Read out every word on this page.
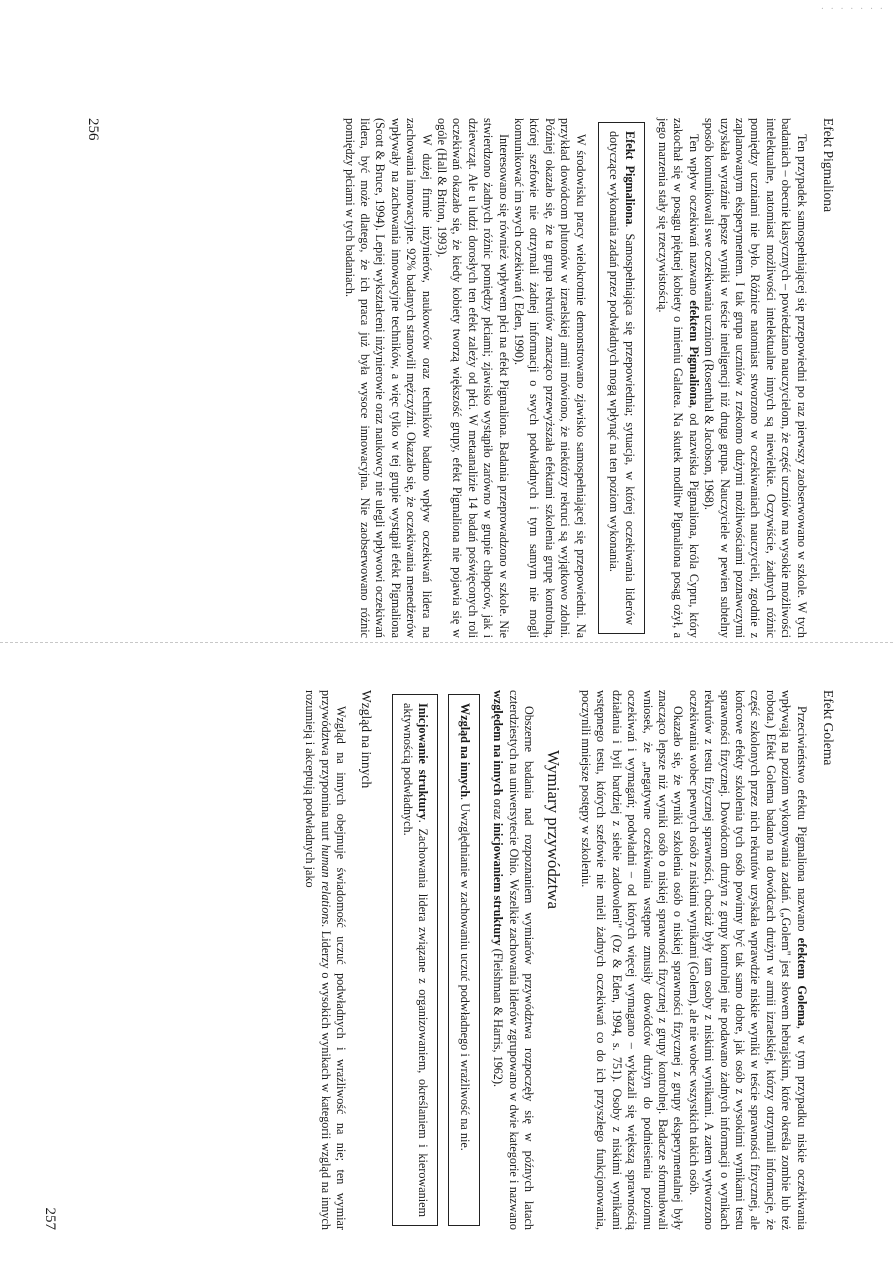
· · · · · · ·
Efekt Pigmaliona

Ten przypadek samospełniającej się przepowiedni po raz pierwszy zaobserwowano w szkole. W tych badaniach – obecnie klasycznych – powiedziano nauczycielom, że część uczniów ma wysokie możliwości intelektualne, natomiast możliwości intelektualne innych są niewielkie. Oczywiście, żadnych różnic pomiędzy uczniami nie było. Różnice natomiast stworzono w oczekiwaniach nauczycieli, zgodnie z zaplanowanym eksperymentem. I tak grupa uczniów z rzekomo dużymi możliwościami poznawczymi uzyskała wyraźnie lepsze wyniki w teście inteligencji niż druga grupa. Nauczyciele w pewien subtelny sposób komunikowali swe oczekiwania uczniom (Rosenthal & Jacobson, 1968).

Ten wpływ oczekiwań nazwano efektem Pigmaliona, od nazwiska Pigmaliona, króla Cypru, który zakochał się w posągu pięknej kobiety o imieniu Galatea. Na skutek modlitw Pigmaliona posąg ożył, a jego marzenia stały się rzeczywistością.

Efekt Pigmaliona. Samospełniająca się przepowiednia; sytuacja, w której oczekiwania liderów dotyczące wykonania zadań przez podwładnych mogą wpłynąć na ten poziom wykonania.

W środowisku pracy wielokrotnie demonstrowano zjawisko samospełniającej się przepowiedni. Na przykład dowódcom plutonów w izraelskiej armii mówiono, że niektórzy rekruci są wyjątkowo zdolni. Później okazało się, że ta grupa rekrutów znacząco przewyższała efektami szkolenia grupę kontrolną, której szefowie nie otrzymali żadnej informacji o swych podwładnych i tym samym nie mogli komunikować im swych oczekiwań ( Eden, 1990).

Interesowano się również wpływem płci na efekt Pigmaliona. Badania przeprowadzono w szkole. Nie stwierdzono żadnych różnic pomiędzy płciami; zjawisko wystąpiło zarówno w grupie chłopców, jak i dziewcząt. Ale u ludzi dorosłych ten efekt zależy od płci. W metaanalizie 14 badań poświęconych roli oczekiwań okazało się, że kiedy kobiety tworzą większość grupy, efekt Pigmaliona nie pojawia się w ogóle (Hall & Briton, 1993).

W dużej firmie inżynierów, naukowców oraz techników badano wpływ oczekiwań lidera na zachowania innowacyjne. 92% badanych stanowili mężczyźni. Okazało się, że oczekiwania menedżerów wpływały na zachowania innowacyjne techników, a więc tylko w tej grupie wystąpił efekt Pigmaliona (Scott & Bruce, 1994). Lepiej wykształceni inżynierowie oraz naukowcy nie ulegli wpływowi oczekiwań lidera, być może dlatego, że ich praca już była wysoce innowacyjna. Nie zaobserwowano różnic pomiędzy płciami w tych badaniach.

256
Efekt Golema

Przeciwieństwo efektu Pigmaliona nazwano efektem Golema, w tym przypadku niskie oczekiwania wpływają na poziom wykonywania zadań. („Golem" jest słowem hebrajskim, które określa zombie lub też robota.) Efekt Golema badano na dowódcach drużyn w armii izraelskiej, którzy otrzymali informacje, że część szkolonych przez nich rekrutów uzyskała wprawdzie niskie wyniki w teście sprawności fizycznej, ale końcowe efekty szkolenia tych osób powinny być tak samo dobre, jak osób z wysokimi wynikami testu sprawności fizycznej. Dowódcom drużyn z grupy kontrolnej nie podawano żadnych informacji o wynikach rekrutów z testu fizycznej sprawności, chociaż były tam osoby z niskimi wynikami. A zatem wytworzono oczekiwania wobec pewnych osób z niskimi wynikami (Golem), ale nie wobec wszystkich takich osób.

Okazało się, że wyniki szkolenia osób o niskiej sprawności fizycznej z grupy eksperymentalnej były znacząco lepsze niż wyniki osób o niskiej sprawności fizycznej z grupy kontrolnej. Badacze sformułowali wniosek, że „negatywne oczekiwania wstępne zmusiły dowódców drużyn do podniesienia poziomu oczekiwań i wymagań; podwładni – od których więcej wymagano – wykazali się większą sprawnością działania i byli bardziej z siebie zadowoleni" (Oz & Eden, 1994, s. 751). Osoby z niskimi wynikami wstępnego testu, których szefowie nie mieli żadnych oczekiwań co do ich przyszłego funkcjonowania, poczynili mniejsze postępy w szkoleniu.

Wymiary przywództwa

Obszerne badania nad rozpoznaniem wymiarów przywództwa rozpoczęły się w późnych latach czterdziestych na uniwersytecie Ohio. Wszelkie zachowania liderów zgrupowano w dwie kategorie i nazwano względem na innych oraz inicjowaniem struktury (Fleishman & Harris, 1962).

Wzgląd na innych. Uwzględnianie w zachowaniu uczuć podwładnego i wrażliwość na nie.
Inicjowanie struktury. Zachowania lidera związane z organizowaniem, określaniem i kierowaniem aktywnością podwładnych.
Wzgląd na innych

Wzgląd na innych obejmuje świadomość uczuć podwładnych i wrażliwość na nie; ten wymiar przywództwa przypomina nurt human relations. Liderzy o wysokich wynikach w kategorii wzgląd na innych rozumieją i akceptują podwładnych jako

257
